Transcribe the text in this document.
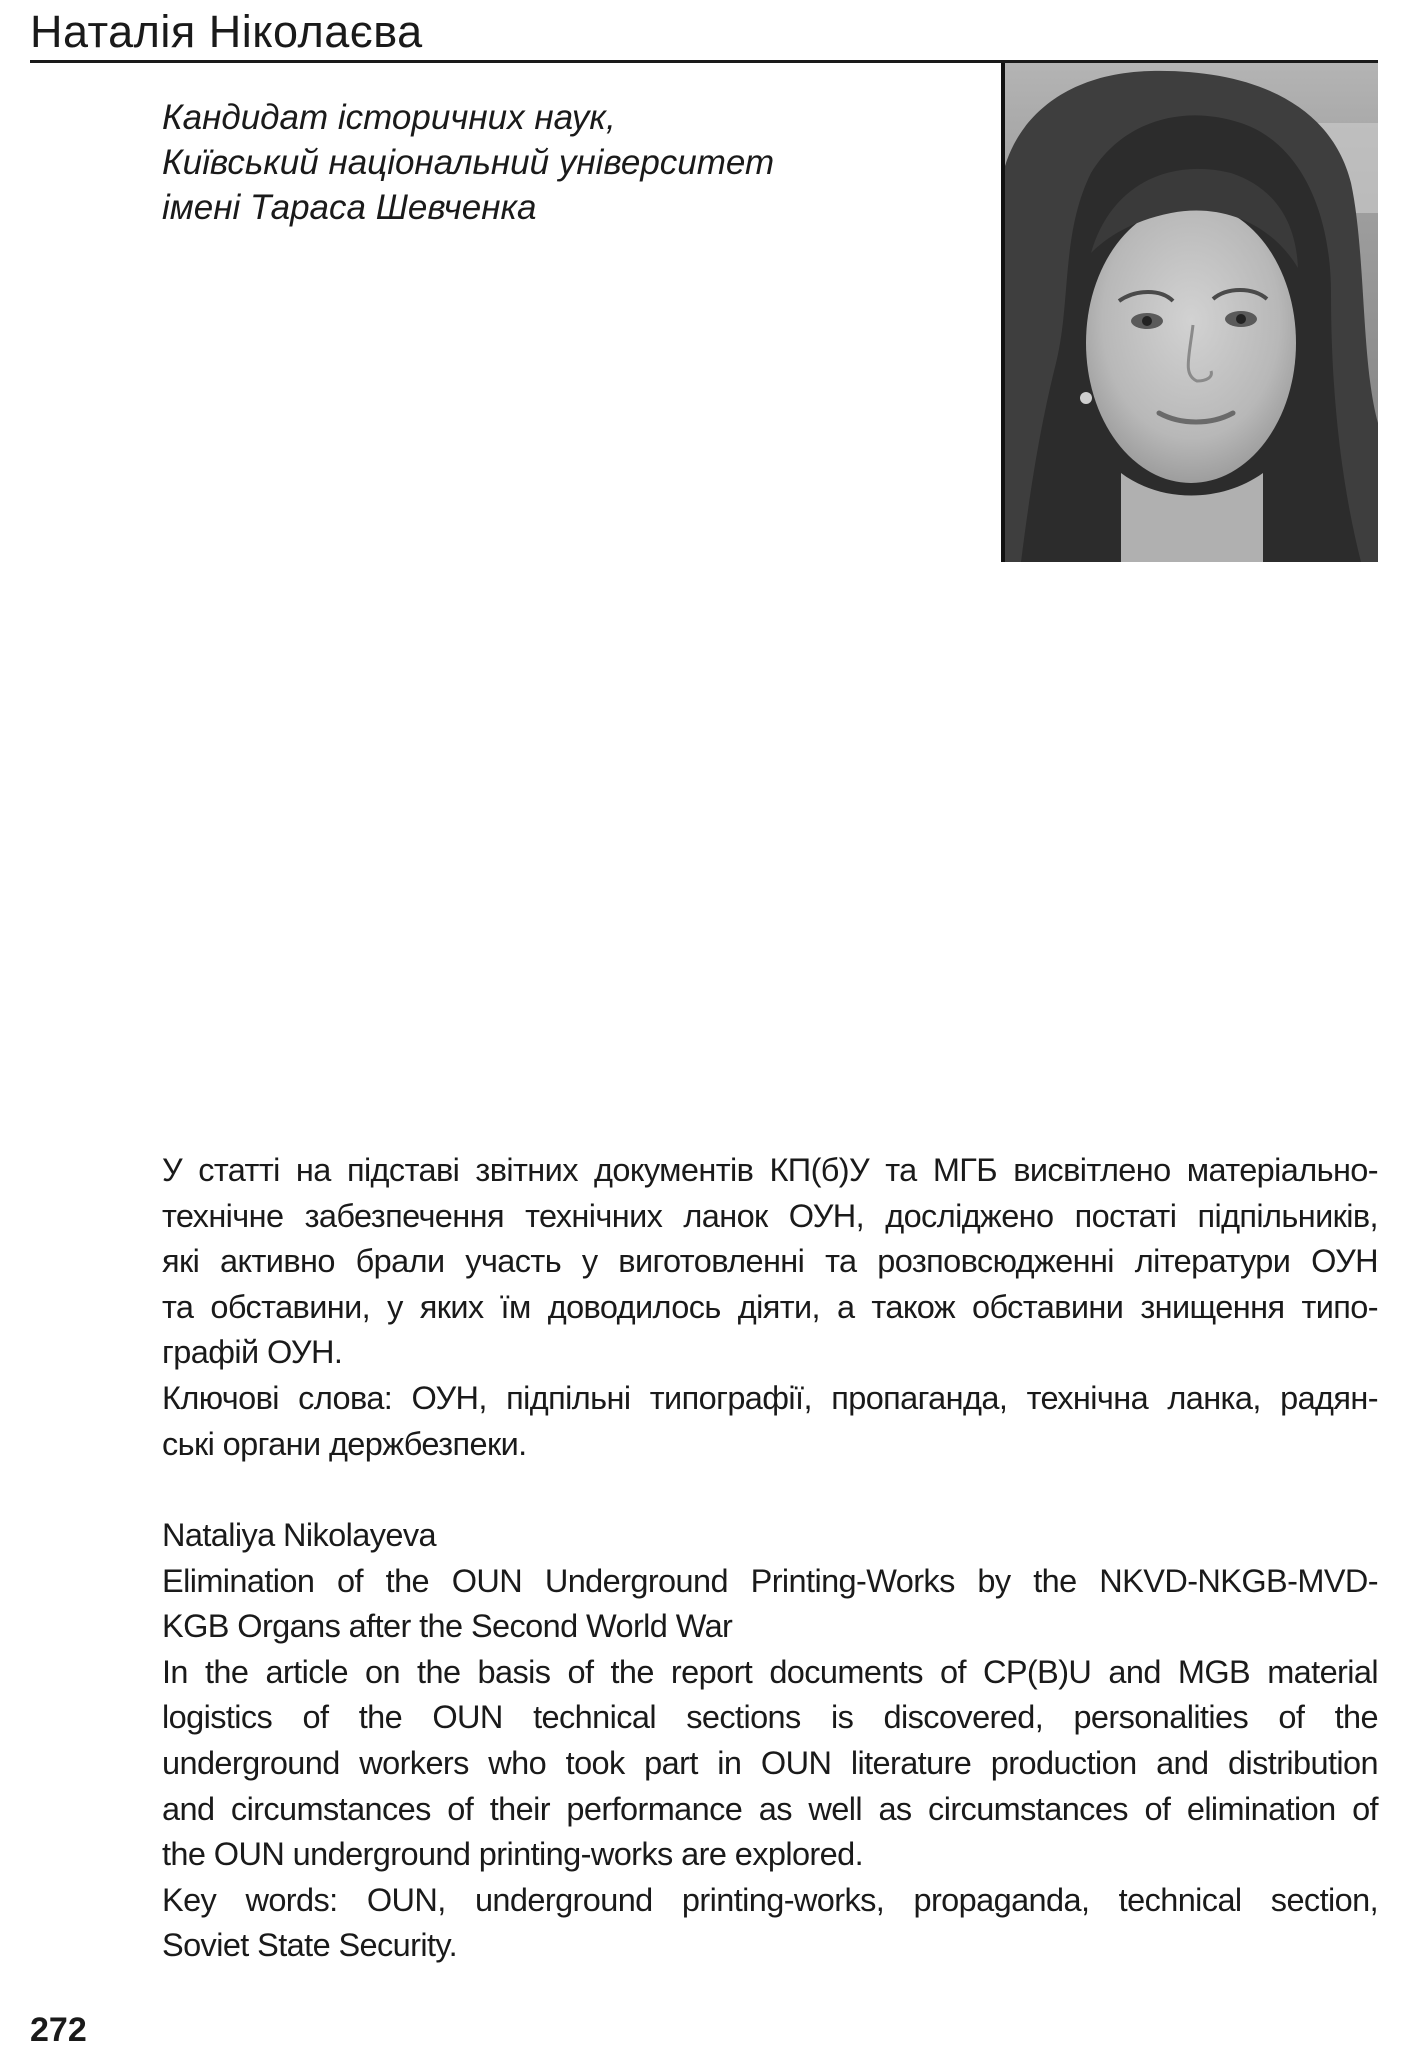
Наталія Ніколаєва
Кандидат історичних наук,
Київський національний університет
імені Тараса Шевченка
У статті на підставі звітних документів КП(б)У та МГБ висвітлено матеріально-
технічне забезпечення технічних ланок ОУН, досліджено постаті підпільників,
які активно брали участь у виготовленні та розповсюдженні літератури ОУН
та обставини, у яких їм доводилось діяти, а також обставини знищення типо-
графій ОУН.
Ключові слова: ОУН, підпільні типографії, пропаганда, технічна ланка, радян-
ські органи держбезпеки.
Nataliya Nikolayeva
Elimination of the OUN Underground Printing-Works by the NKVD-NKGB-MVD-
KGB Organs after the Second World War
In the article on the basis of the report documents of CP(B)U and MGB material
logistics of the OUN technical sections is discovered, personalities of the
underground workers who took part in OUN literature production and distribution
and circumstances of their performance as well as circumstances of elimination of
the OUN underground printing-works are explored.
Key words: OUN, underground printing-works, propaganda, technical section,
Soviet State Security.
272
